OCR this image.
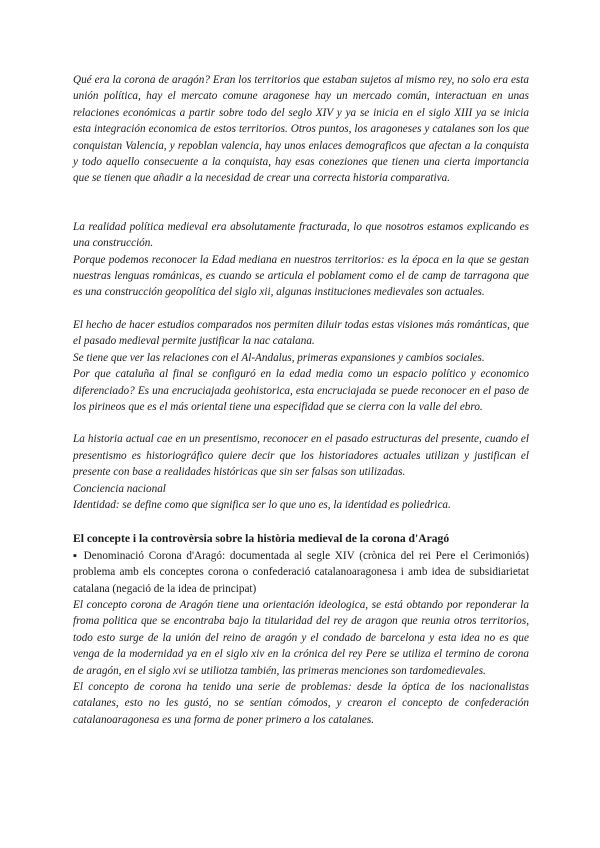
Qué era la corona de aragón? Eran los territorios que estaban sujetos al mismo rey, no solo era esta unión política, hay el mercato comune aragonese hay un mercado común, interactuan en unas relaciones económicas a partir sobre todo del seglo XIV y ya se inicia en el siglo XIII ya se inicia esta integración economica de estos territorios. Otros puntos, los aragoneses y catalanes son los que conquistan Valencia, y repoblan valencia, hay unos enlaces demograficos que afectan a la conquista y todo aquello consecuente a la conquista, hay esas coneziones que tienen una cierta importancia que se tienen que añadir a la necesidad de crear una correcta historia comparativa.

La realidad política medieval era absolutamente fracturada, lo que nosotros estamos explicando es una construcción.

Porque podemos reconocer la Edad mediana en nuestros territorios: es la época en la que se gestan nuestras lenguas románicas, es cuando se articula el poblament como el de camp de tarragona que es una construcción geopolítica del siglo xii, algunas instituciones medievales son actuales.

El hecho de hacer estudios comparados nos permiten diluir todas estas visiones más románticas, que el pasado medieval permite justificar la nac catalana.

Se tiene que ver las relaciones con el Al-Andalus, primeras expansiones y cambios sociales.

Por que cataluña al final se configuró en la edad media como un espacio político y economico diferenciado? Es una encruciajada geohistorica, esta encruciajada se puede reconocer en el paso de los pirineos que es el más oriental tiene una especifidad que se cierra con la valle del ebro.

La historia actual cae en un presentismo, reconocer en el pasado estructuras del presente, cuando el presentismo es historiográfico quiere decir que los historiadores actuales utilizan y justifican el presente con base a realidades históricas que sin ser falsas son utilizadas.

Conciencia nacional

Identidad: se define como que significa ser lo que uno es, la identidad es poliedrica.

El concepte i la controvèrsia sobre la història medieval de la corona d'Aragó

▪ Denominació Corona d'Aragó: documentada al segle XIV (crònica del rei Pere el Cerimoniós) problema amb els conceptes corona o confederació catalanoaragonesa i amb idea de subsidiarietat catalana (negació de la idea de principat)

El concepto corona de Aragón tiene una orientación ideologica, se está obtando por reponderar la froma politica que se encontraba bajo la titularidad del rey de aragon que reunia otros territorios, todo esto surge de la unión del reino de aragón y el condado de barcelona y esta idea no es que venga de la modernidad ya en el siglo xiv en la crónica del rey Pere se utiliza el termino de corona de aragón, en el siglo xvi se utiliotza también, las primeras menciones son tardomedievales.

El concepto de corona ha tenido una serie de problemas: desde la óptica de los nacionalistas catalanes, esto no les gustó, no se sentían cómodos, y crearon el concepto de confederación catalanoaragonesa es una forma de poner primero a los catalanes.
